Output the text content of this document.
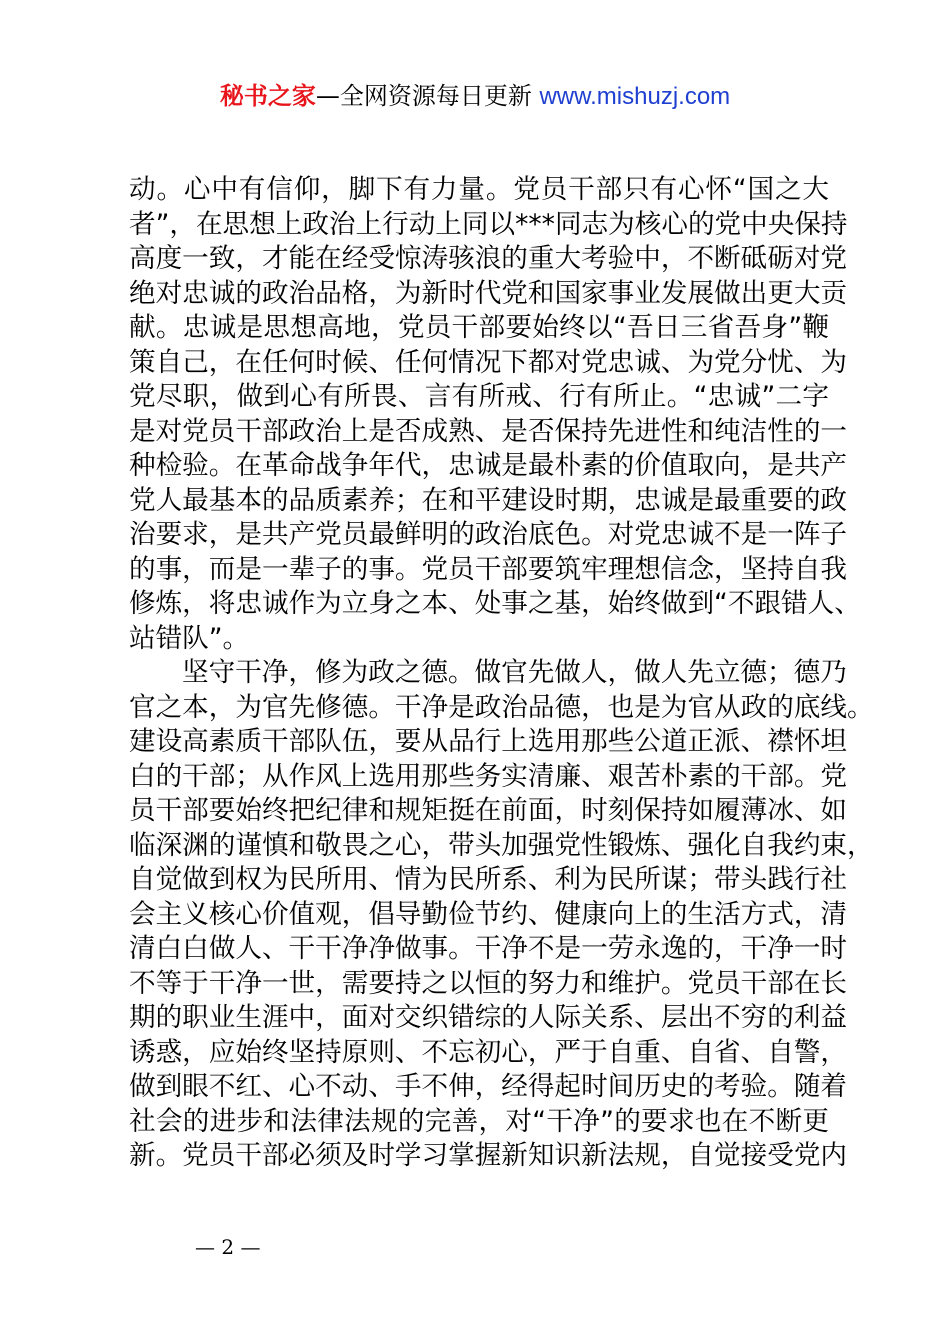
秘书之家—全网资源每日更新 www.mishuzj.com
动。心中有信仰，脚下有力量。党员干部只有心怀“国之大
者”，在思想上政治上行动上同以***同志为核心的党中央保持
高度一致，才能在经受惊涛骇浪的重大考验中，不断砥砺对党
绝对忠诚的政治品格，为新时代党和国家事业发展做出更大贡
献。忠诚是思想高地，党员干部要始终以“吾日三省吾身”鞭
策自己，在任何时候、任何情况下都对党忠诚、为党分忧、为
党尽职，做到心有所畏、言有所戒、行有所止。“忠诚”二字
是对党员干部政治上是否成熟、是否保持先进性和纯洁性的一
种检验。在革命战争年代，忠诚是最朴素的价值取向，是共产
党人最基本的品质素养；在和平建设时期，忠诚是最重要的政
治要求，是共产党员最鲜明的政治底色。对党忠诚不是一阵子
的事，而是一辈子的事。党员干部要筑牢理想信念，坚持自我
修炼，将忠诚作为立身之本、处事之基，始终做到“不跟错人、
站错队”。
坚守干净，修为政之德。做官先做人，做人先立德；德乃
官之本，为官先修德。干净是政治品德，也是为官从政的底线。
建设高素质干部队伍，要从品行上选用那些公道正派、襟怀坦
白的干部；从作风上选用那些务实清廉、艰苦朴素的干部。党
员干部要始终把纪律和规矩挺在前面，时刻保持如履薄冰、如
临深渊的谨慎和敬畏之心，带头加强党性锻炼、强化自我约束，
自觉做到权为民所用、情为民所系、利为民所谋；带头践行社
会主义核心价值观，倡导勤俭节约、健康向上的生活方式，清
清白白做人、干干净净做事。干净不是一劳永逸的，干净一时
不等于干净一世，需要持之以恒的努力和维护。党员干部在长
期的职业生涯中，面对交织错综的人际关系、层出不穷的利益
诱惑，应始终坚持原则、不忘初心，严于自重、自省、自警，
做到眼不红、心不动、手不伸，经得起时间历史的考验。随着
社会的进步和法律法规的完善，对“干净”的要求也在不断更
新。党员干部必须及时学习掌握新知识新法规，自觉接受党内
— 2 —
